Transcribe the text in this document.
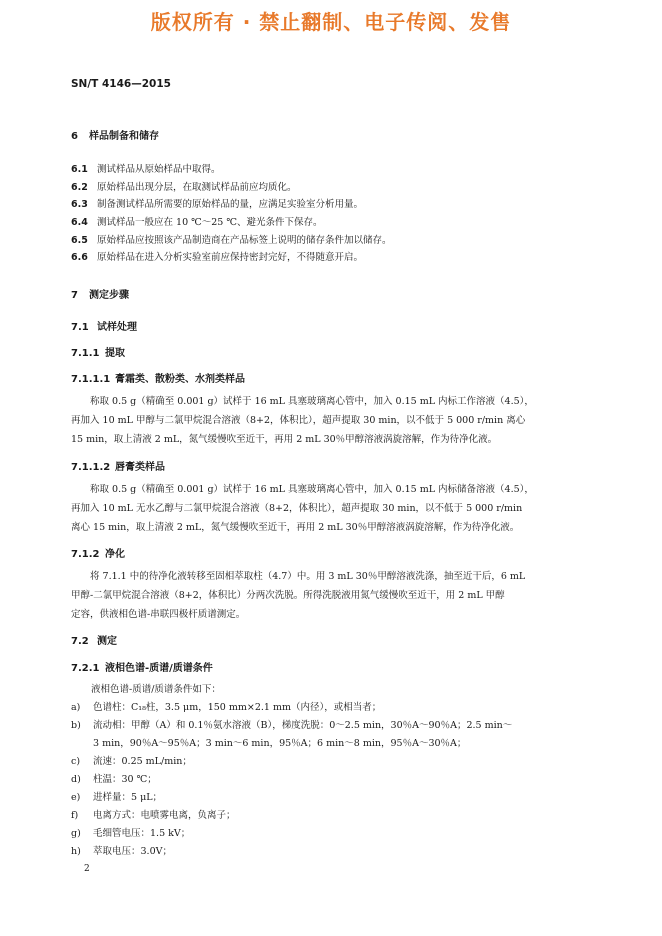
版权所有 · 禁止翻制、电子传阅、发售
SN/T 4146—2015
6 样品制备和储存
6.1 测试样品从原始样品中取得。
6.2 原始样品出现分层，在取测试样品前应均质化。
6.3 制备测试样品所需要的原始样品的量，应满足实验室分析用量。
6.4 测试样品一般应在 10 ℃～25 ℃、避光条件下保存。
6.5 原始样品应按照该产品制造商在产品标签上说明的储存条件加以储存。
6.6 原始样品在进入分析实验室前应保持密封完好，不得随意开启。
7 测定步骤
7.1 试样处理
7.1.1 提取
7.1.1.1 膏霜类、散粉类、水剂类样品
称取 0.5 g（精确至 0.001 g）试样于 16 mL 具塞玻璃离心管中，加入 0.15 mL 内标工作溶液（4.5），
再加入 10 mL 甲醇与二氯甲烷混合溶液（8+2，体积比），超声提取 30 min，以不低于 5 000 r/min 离心
15 min，取上清液 2 mL，氮气缓慢吹至近干，再用 2 mL 30％甲醇溶液涡旋溶解，作为待净化液。
7.1.1.2 唇膏类样品
称取 0.5 g（精确至 0.001 g）试样于 16 mL 具塞玻璃离心管中，加入 0.15 mL 内标储备溶液（4.5），
再加入 10 mL 无水乙醇与二氯甲烷混合溶液（8+2，体积比），超声提取 30 min，以不低于 5 000 r/min
离心 15 min，取上清液 2 mL，氮气缓慢吹至近干，再用 2 mL 30％甲醇溶液涡旋溶解，作为待净化液。
7.1.2 净化
将 7.1.1 中的待净化液转移至固相萃取柱（4.7）中。用 3 mL 30％甲醇溶液洗涤，抽至近干后，6 mL
甲醇-二氯甲烷混合溶液（8+2，体积比）分两次洗脱。所得洗脱液用氮气缓慢吹至近干，用 2 mL 甲醇
定容，供液相色谱-串联四极杆质谱测定。
7.2 测定
7.2.1 液相色谱-质谱/质谱条件
液相色谱-质谱/质谱条件如下：
a) 色谱柱：C₁₈柱，3.5 μm，150 mm×2.1 mm（内径），或相当者；
b) 流动相：甲醇（A）和 0.1％氨水溶液（B），梯度洗脱：0～2.5 min，30％A～90％A；2.5 min～
3 min，90％A～95％A；3 min～6 min，95％A；6 min～8 min，95％A～30％A；
c) 流速：0.25 mL/min；
d) 柱温：30 ℃；
e) 进样量：5 μL；
f) 电离方式：电喷雾电离，负离子；
g) 毛细管电压：1.5 kV；
h) 萃取电压：3.0V；
2
